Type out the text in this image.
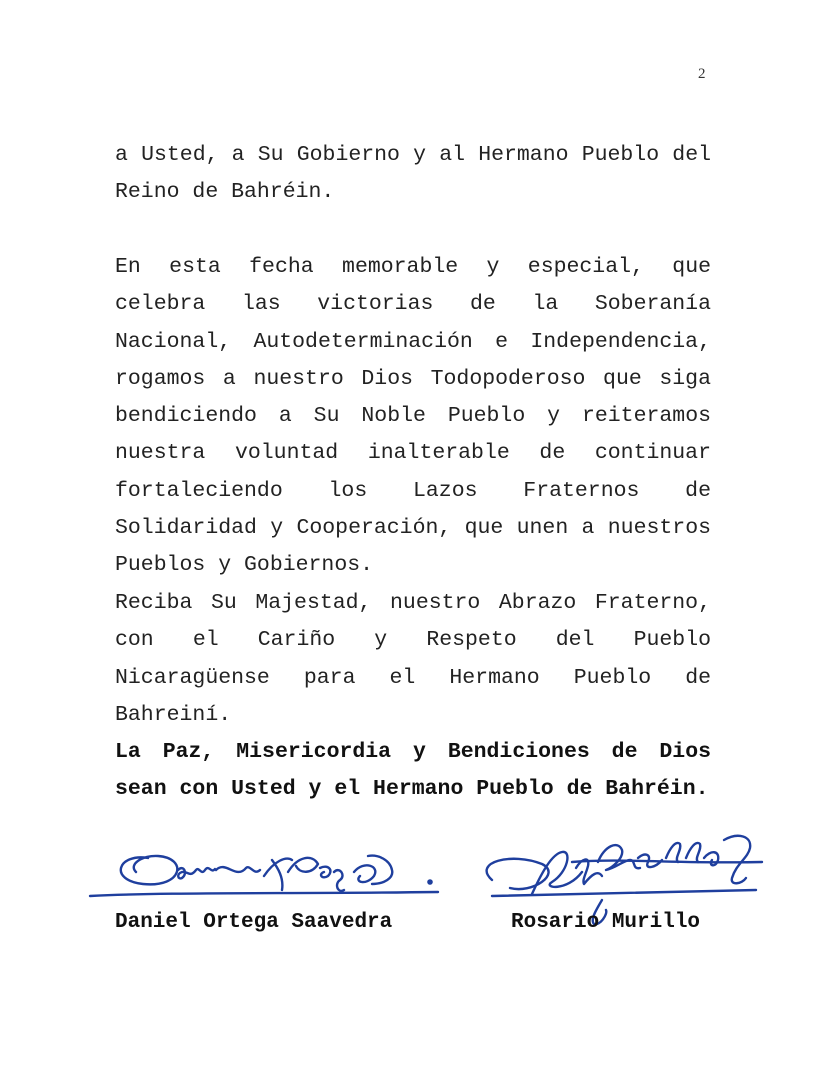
2

a Usted, a Su Gobierno y al Hermano Pueblo del Reino de Bahréin.

En esta fecha memorable y especial, que celebra las victorias de la Soberanía Nacional, Autodeterminación e Independencia, rogamos a nuestro Dios Todopoderoso que siga bendiciendo a Su Noble Pueblo y reiteramos nuestra voluntad inalterable de continuar fortaleciendo los Lazos Fraternos de Solidaridad y Cooperación, que unen a nuestros Pueblos y Gobiernos.

Reciba Su Majestad, nuestro Abrazo Fraterno, con el Cariño y Respeto del Pueblo Nicaragüense para el Hermano Pueblo de Bahreiní.

La Paz, Misericordia y Bendiciones de Dios sean con Usted y el Hermano Pueblo de Bahréin.

Daniel Ortega Saavedra	Rosario Murillo
